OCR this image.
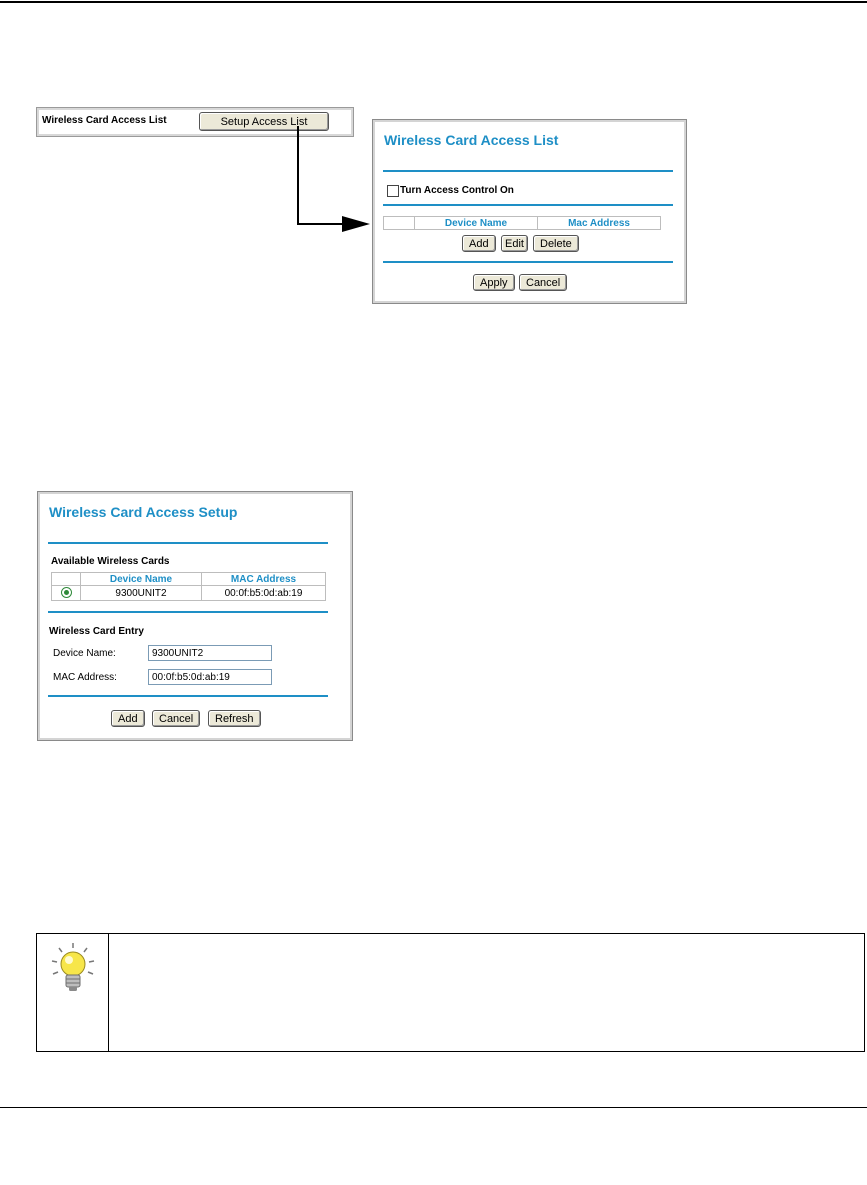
Wireless Card Access List	Setup Access List
Wireless Card Access List
Turn Access Control On
	Device Name	Mac Address
Add	Edit	Delete
Apply	Cancel
Wireless Card Access Setup
Available Wireless Cards
	Device Name	MAC Address
	9300UNIT2	00:0f:b5:0d:ab:19
Wireless Card Entry
Device Name:
9300UNIT2
MAC Address:
00:0f:b5:0d:ab:19
Add	Cancel	Refresh
